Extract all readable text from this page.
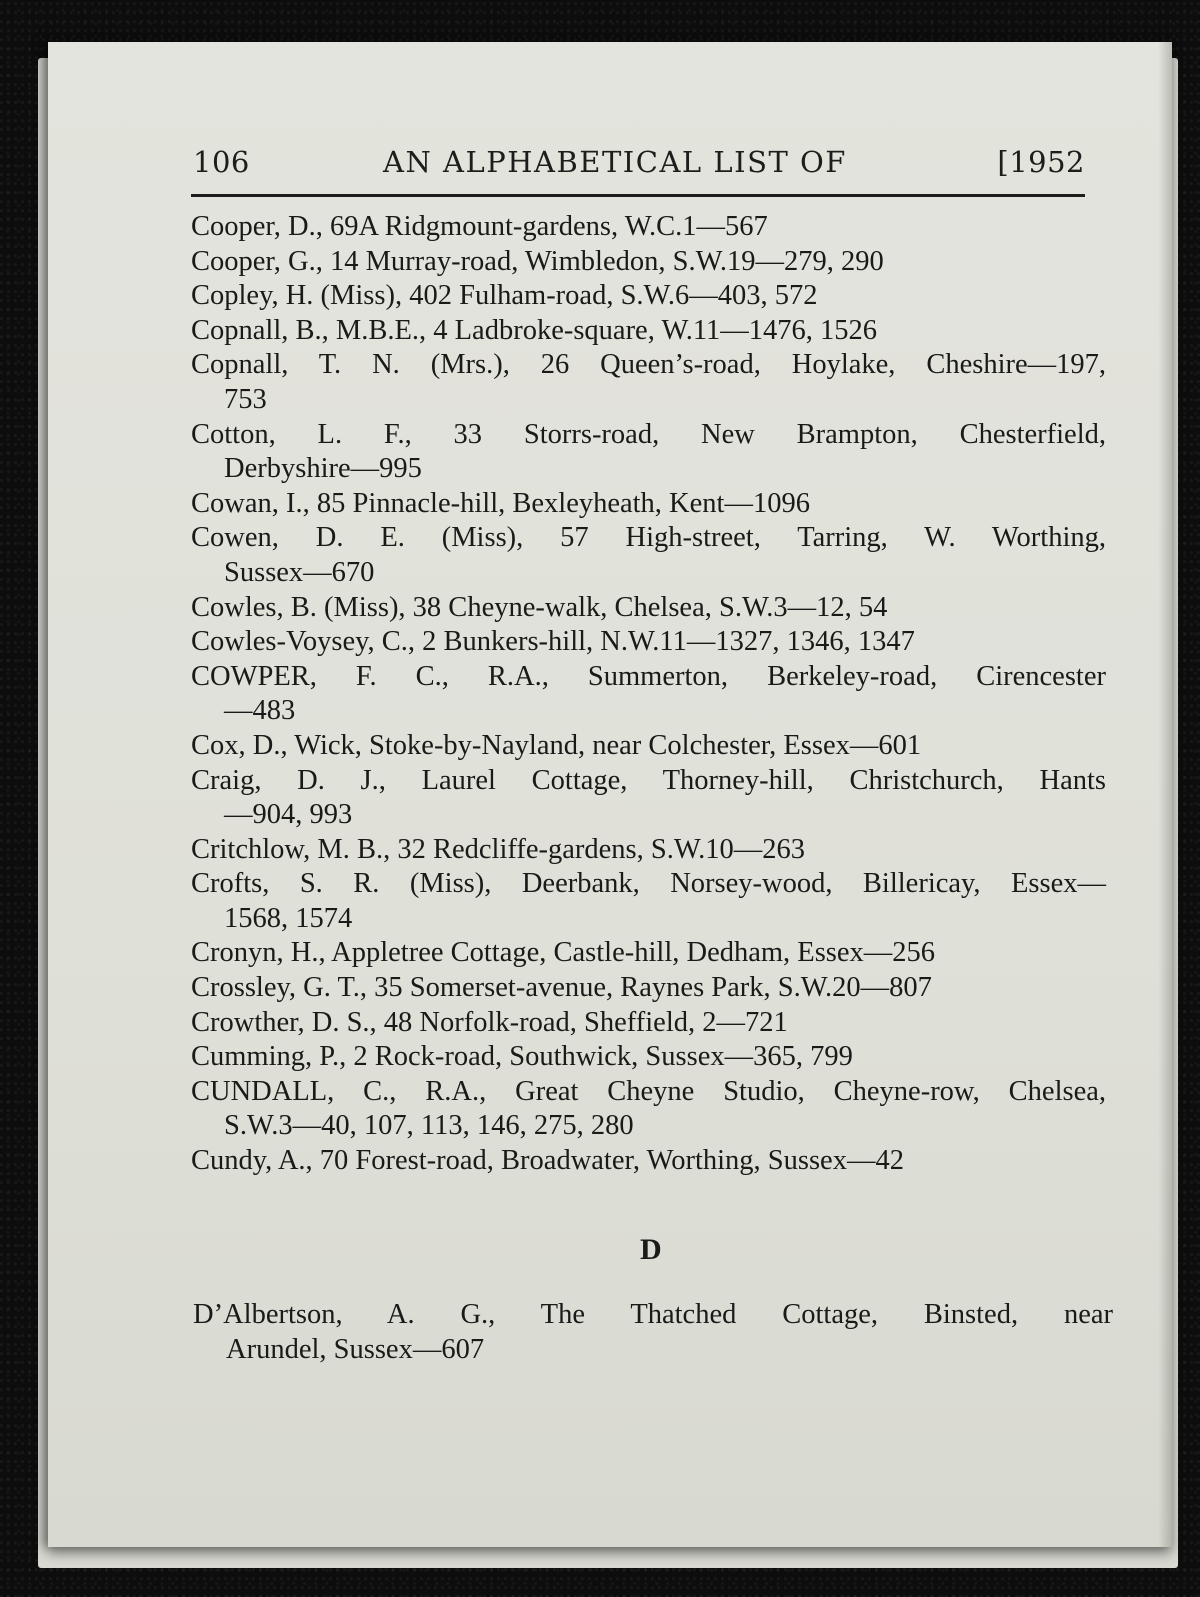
106	AN ALPHABETICAL LIST OF	[1952
Cooper, D., 69A Ridgmount-gardens, W.C.1—567
Cooper, G., 14 Murray-road, Wimbledon, S.W.19—279, 290
Copley, H. (Miss), 402 Fulham-road, S.W.6—403, 572
Copnall, B., M.B.E., 4 Ladbroke-square, W.11—1476, 1526
Copnall, T. N. (Mrs.), 26 Queen’s-road, Hoylake, Cheshire—197,
753
Cotton, L. F., 33 Storrs-road, New Brampton, Chesterfield,
Derbyshire—995
Cowan, I., 85 Pinnacle-hill, Bexleyheath, Kent—1096
Cowen, D. E. (Miss), 57 High-street, Tarring, W. Worthing,
Sussex—670
Cowles, B. (Miss), 38 Cheyne-walk, Chelsea, S.W.3—12, 54
Cowles-Voysey, C., 2 Bunkers-hill, N.W.11—1327, 1346, 1347
COWPER, F. C., R.A., Summerton, Berkeley-road, Cirencester
—483
Cox, D., Wick, Stoke-by-Nayland, near Colchester, Essex—601
Craig, D. J., Laurel Cottage, Thorney-hill, Christchurch, Hants
—904, 993
Critchlow, M. B., 32 Redcliffe-gardens, S.W.10—263
Crofts, S. R. (Miss), Deerbank, Norsey-wood, Billericay, Essex—
1568, 1574
Cronyn, H., Appletree Cottage, Castle-hill, Dedham, Essex—256
Crossley, G. T., 35 Somerset-avenue, Raynes Park, S.W.20—807
Crowther, D. S., 48 Norfolk-road, Sheffield, 2—721
Cumming, P., 2 Rock-road, Southwick, Sussex—365, 799
CUNDALL, C., R.A., Great Cheyne Studio, Cheyne-row, Chelsea,
S.W.3—40, 107, 113, 146, 275, 280
Cundy, A., 70 Forest-road, Broadwater, Worthing, Sussex—42
D
D’Albertson, A. G., The Thatched Cottage, Binsted, near
Arundel, Sussex—607
